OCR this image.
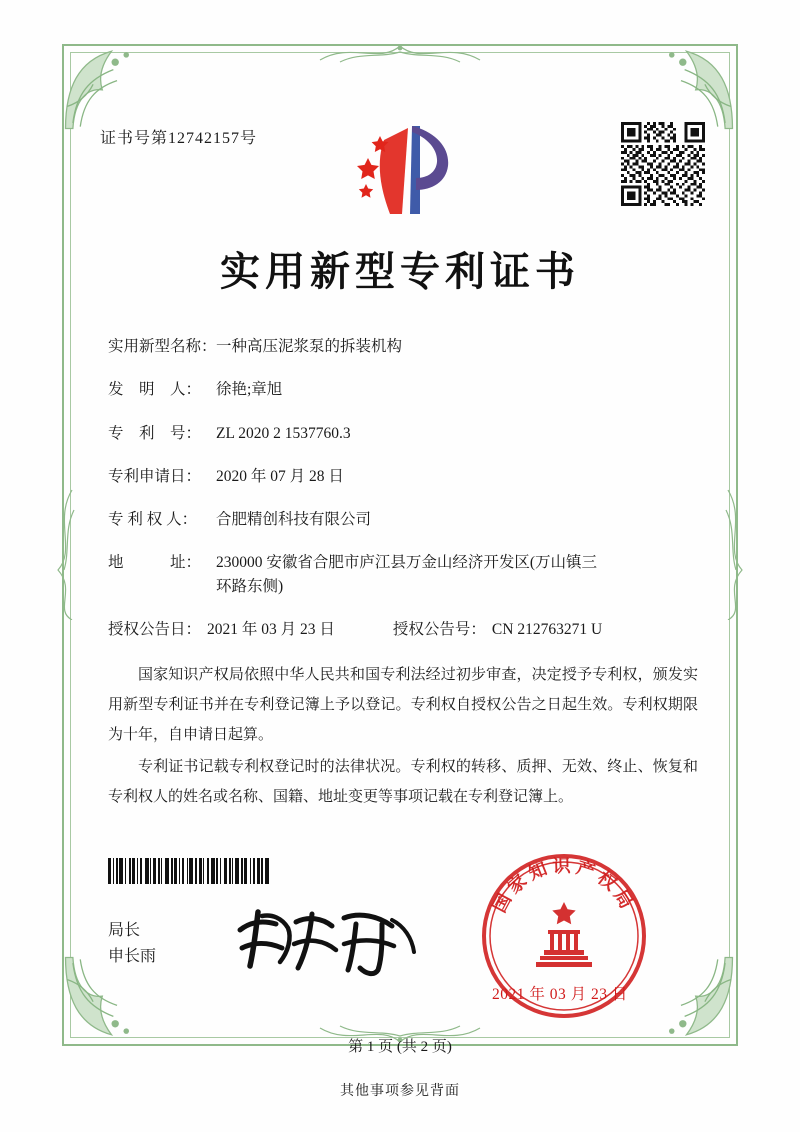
证书号第12742157号
实用新型专利证书
实用新型名称： 一种高压泥浆泵的拆装机构
发　明　人： 徐艳;章旭
专　利　号： ZL 2020 2 1537760.3
专利申请日： 2020 年 07 月 28 日
专 利 权 人：	合肥精创科技有限公司
地　　　址： 230000 安徽省合肥市庐江县万金山经济开发区(万山镇三
环路东侧)
授权公告日： 2021 年 03 月 23 日	授权公告号： CN 212763271 U

国家知识产权局依照中华人民共和国专利法经过初步审查，决定授予专利权，颁发实用新型专利证书并在专利登记簿上予以登记。专利权自授权公告之日起生效。专利权期限为十年，自申请日起算。

专利证书记载专利权登记时的法律状况。专利权的转移、质押、无效、终止、恢复和专利权人的姓名或名称、国籍、地址变更等事项记载在专利登记簿上。

局长
申长雨
国
家
知 识 产
权
局
2021 年 03 月 23 日
第 1 页 (共 2 页)
其他事项参见背面
